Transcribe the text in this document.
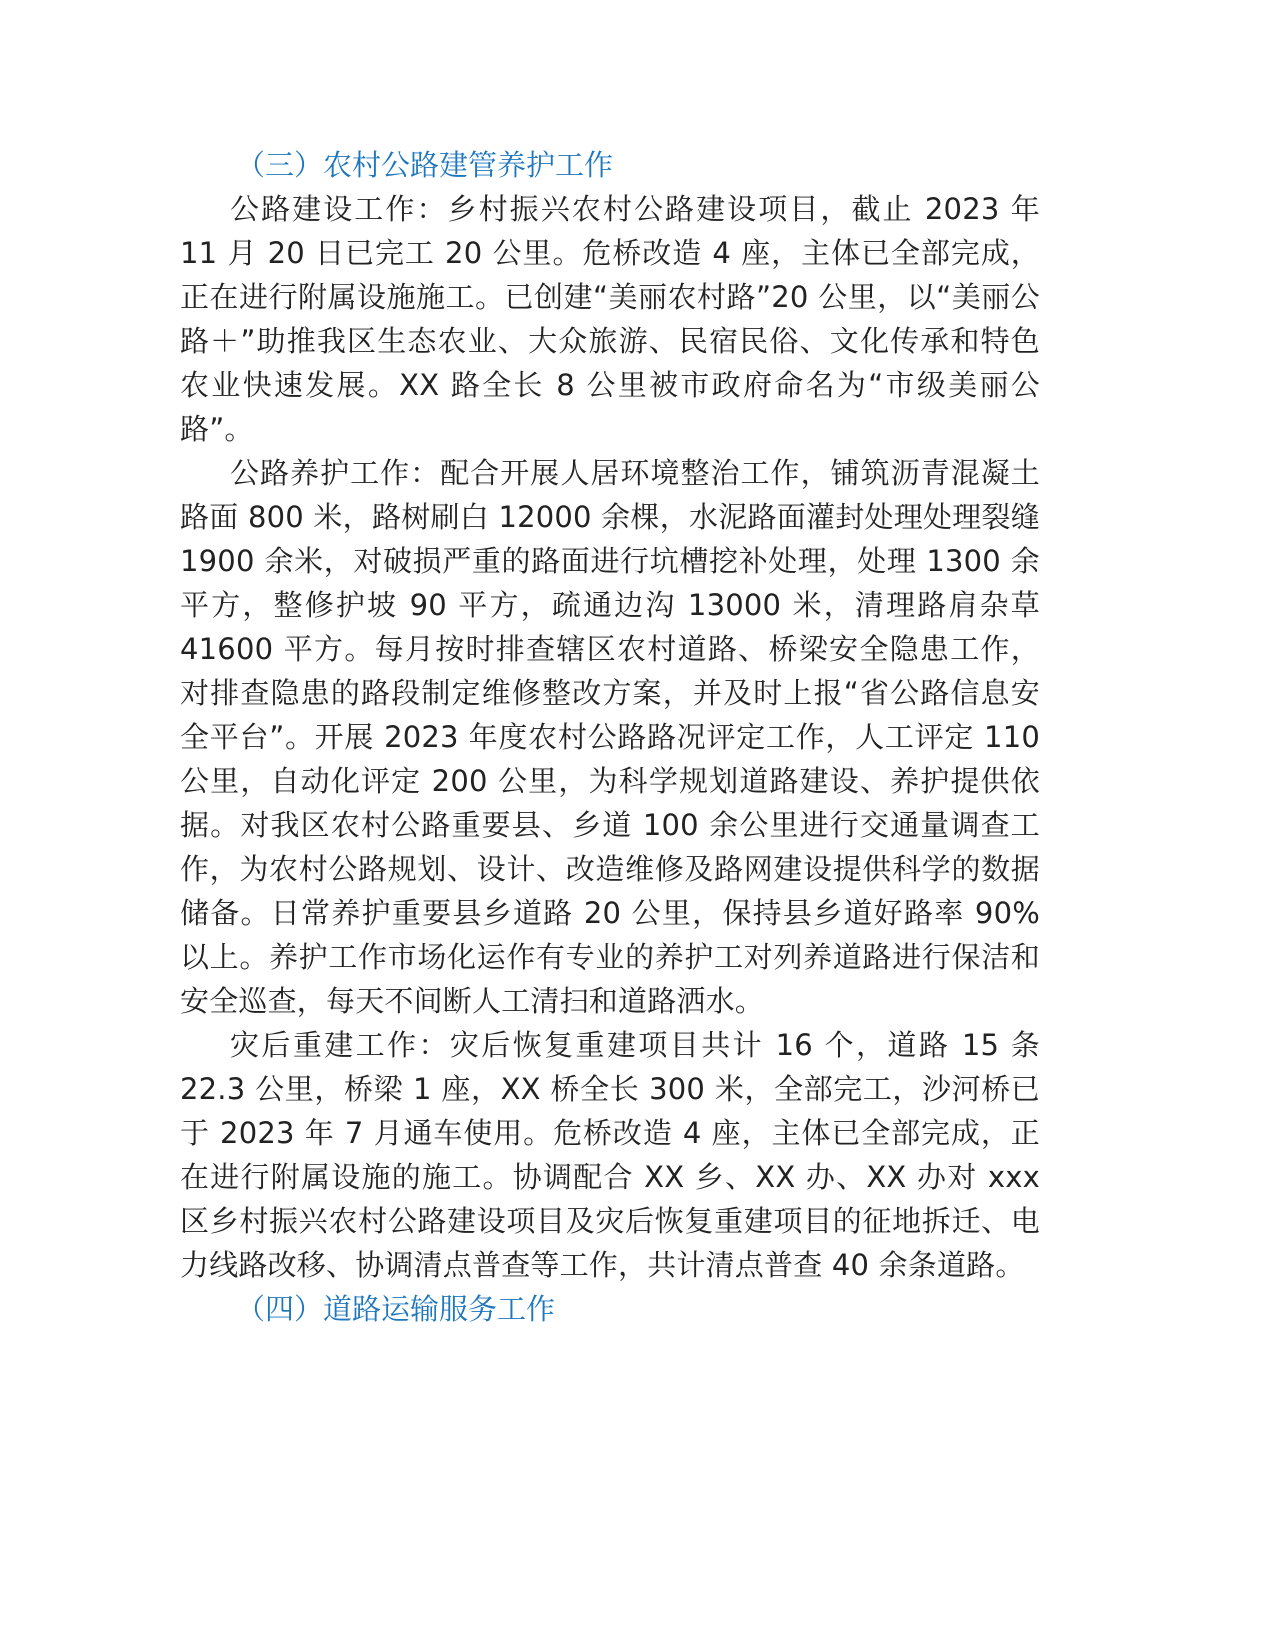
（三）农村公路建管养护工作

公路建设工作：乡村振兴农村公路建设项目，截止 2023 年 11 月 20 日已完工 20 公里。危桥改造 4 座，主体已全部完成，正在进行附属设施施工。已创建“美丽农村路”20 公里，以“美丽公路＋”助推我区生态农业、大众旅游、民宿民俗、文化传承和特色农业快速发展。XX 路全长 8 公里被市政府命名为“市级美丽公路”。

公路养护工作：配合开展人居环境整治工作，铺筑沥青混凝土路面 800 米，路树刷白 12000 余棵，水泥路面灌封处理处理裂缝 1900 余米，对破损严重的路面进行坑槽挖补处理，处理 1300 余平方，整修护坡 90 平方，疏通边沟 13000 米，清理路肩杂草 41600 平方。每月按时排查辖区农村道路、桥梁安全隐患工作，对排查隐患的路段制定维修整改方案，并及时上报“省公路信息安全平台”。开展 2023 年度农村公路路况评定工作，人工评定 110 公里，自动化评定 200 公里，为科学规划道路建设、养护提供依据。对我区农村公路重要县、乡道 100 余公里进行交通量调查工作，为农村公路规划、设计、改造维修及路网建设提供科学的数据储备。日常养护重要县乡道路 20 公里，保持县乡道好路率 90%以上。养护工作市场化运作有专业的养护工对列养道路进行保洁和安全巡查，每天不间断人工清扫和道路洒水。

灾后重建工作：灾后恢复重建项目共计 16 个，道路 15 条22.3 公里，桥梁 1 座，XX 桥全长 300 米，全部完工，沙河桥已于 2023 年 7 月通车使用。危桥改造 4 座，主体已全部完成，正在进行附属设施的施工。协调配合 XX 乡、XX 办、XX 办对 xxx 区乡村振兴农村公路建设项目及灾后恢复重建项目的征地拆迁、电力线路改移、协调清点普查等工作，共计清点普查 40 余条道路。

（四）道路运输服务工作
